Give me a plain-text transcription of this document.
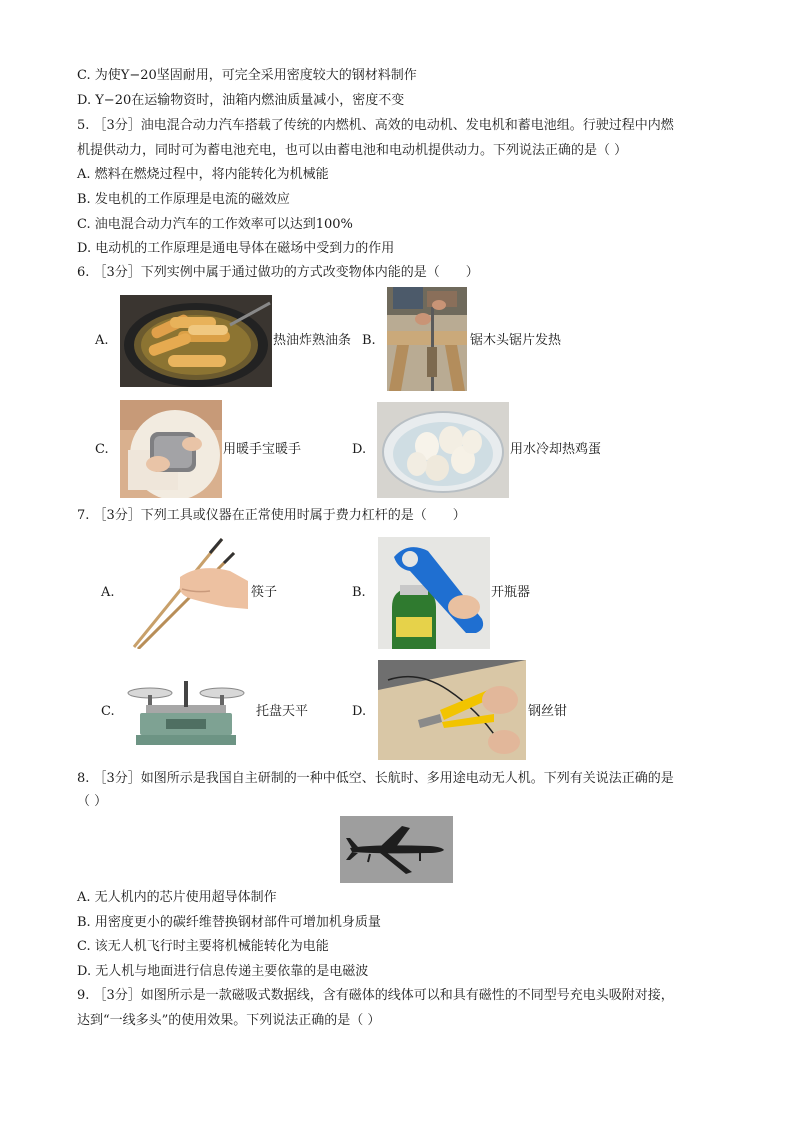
C. 为使Y−20坚固耐用，可完全采用密度较大的钢材料制作
D. Y−20在运输物资时，油箱内燃油质量减小，密度不变
5. ［3分］油电混合动力汽车搭载了传统的内燃机、高效的电动机、发电机和蓄电池组。行驶过程中内燃
机提供动力，同时可为蓄电池充电，也可以由蓄电池和电动机提供动力。下列说法正确的是（ ）
A. 燃料在燃烧过程中，将内能转化为机械能
B. 发电机的工作原理是电流的磁效应
C. 油电混合动力汽车的工作效率可以达到100%
D. 电动机的工作原理是通电导体在磁场中受到力的作用
6. ［3分］下列实例中属于通过做功的方式改变物体内能的是（　　）
A.	热油炸熟油条 B.	锯木头锯片发热
C.	用暖手宝暖手	D.	用水冷却热鸡蛋
7. ［3分］下列工具或仪器在正常使用时属于费力杠杆的是（　　）
A.	筷子	B.	开瓶器
C.	托盘天平	D.	钢丝钳
8. ［3分］如图所示是我国自主研制的一种中低空、长航时、多用途电动无人机。下列有关说法正确的是
（ ）
A. 无人机内的芯片使用超导体制作
B. 用密度更小的碳纤维替换钢材部件可增加机身质量
C. 该无人机飞行时主要将机械能转化为电能
D. 无人机与地面进行信息传递主要依靠的是电磁波
9. ［3分］如图所示是一款磁吸式数据线，含有磁体的线体可以和具有磁性的不同型号充电头吸附对接，
达到“一线多头”的使用效果。下列说法正确的是（ ）
